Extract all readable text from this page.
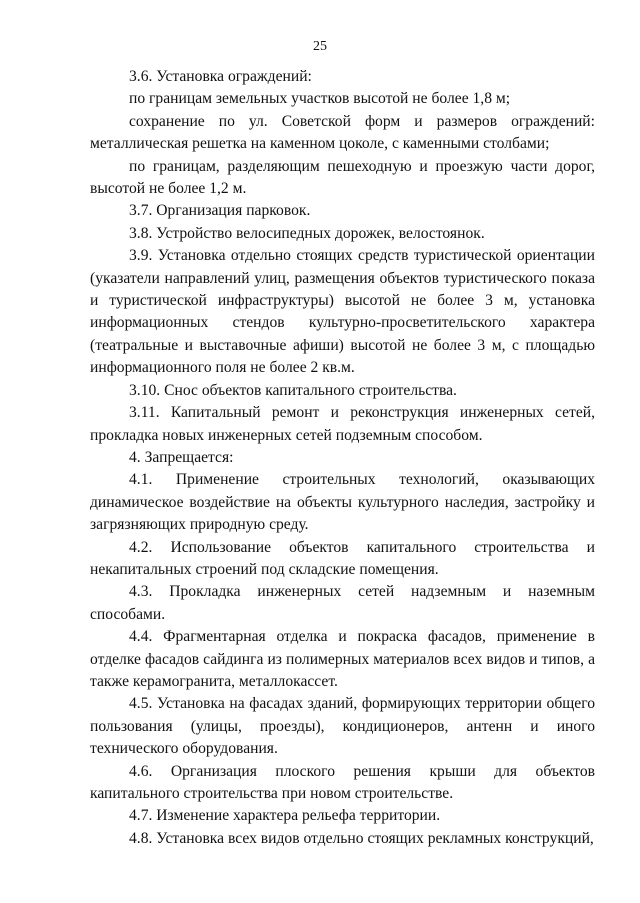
25

3.6. Установка ограждений:

по границам земельных участков высотой не более 1,8 м;

сохранение по ул. Советской форм и размеров ограждений: металлическая решетка на каменном цоколе, с каменными столбами;

по границам, разделяющим пешеходную и проезжую части дорог, высотой не более 1,2 м.

3.7. Организация парковок.

3.8. Устройство велосипедных дорожек, велостоянок.

3.9. Установка отдельно стоящих средств туристической ориентации (указатели направлений улиц, размещения объектов туристического показа и туристической инфраструктуры) высотой не более 3 м, установка информационных стендов культурно-просветительского характера (театральные и выставочные афиши) высотой не более 3 м, с площадью информационного поля не более 2 кв.м.

3.10. Снос объектов капитального строительства.

3.11. Капитальный ремонт и реконструкция инженерных сетей, прокладка новых инженерных сетей подземным способом.

4. Запрещается:

4.1. Применение строительных технологий, оказывающих динамическое воздействие на объекты культурного наследия, застройку и загрязняющих природную среду.

4.2. Использование объектов капитального строительства и некапитальных строений под складские помещения.

4.3. Прокладка инженерных сетей надземным и наземным способами.

4.4. Фрагментарная отделка и покраска фасадов, применение в отделке фасадов сайдинга из полимерных материалов всех видов и типов, а также керамогранита, металлокассет.

4.5. Установка на фасадах зданий, формирующих территории общего пользования (улицы, проезды), кондиционеров, антенн и иного технического оборудования.

4.6. Организация плоского решения крыши для объектов капитального строительства при новом строительстве.

4.7. Изменение характера рельефа территории.

4.8. Установка всех видов отдельно стоящих рекламных конструкций,
